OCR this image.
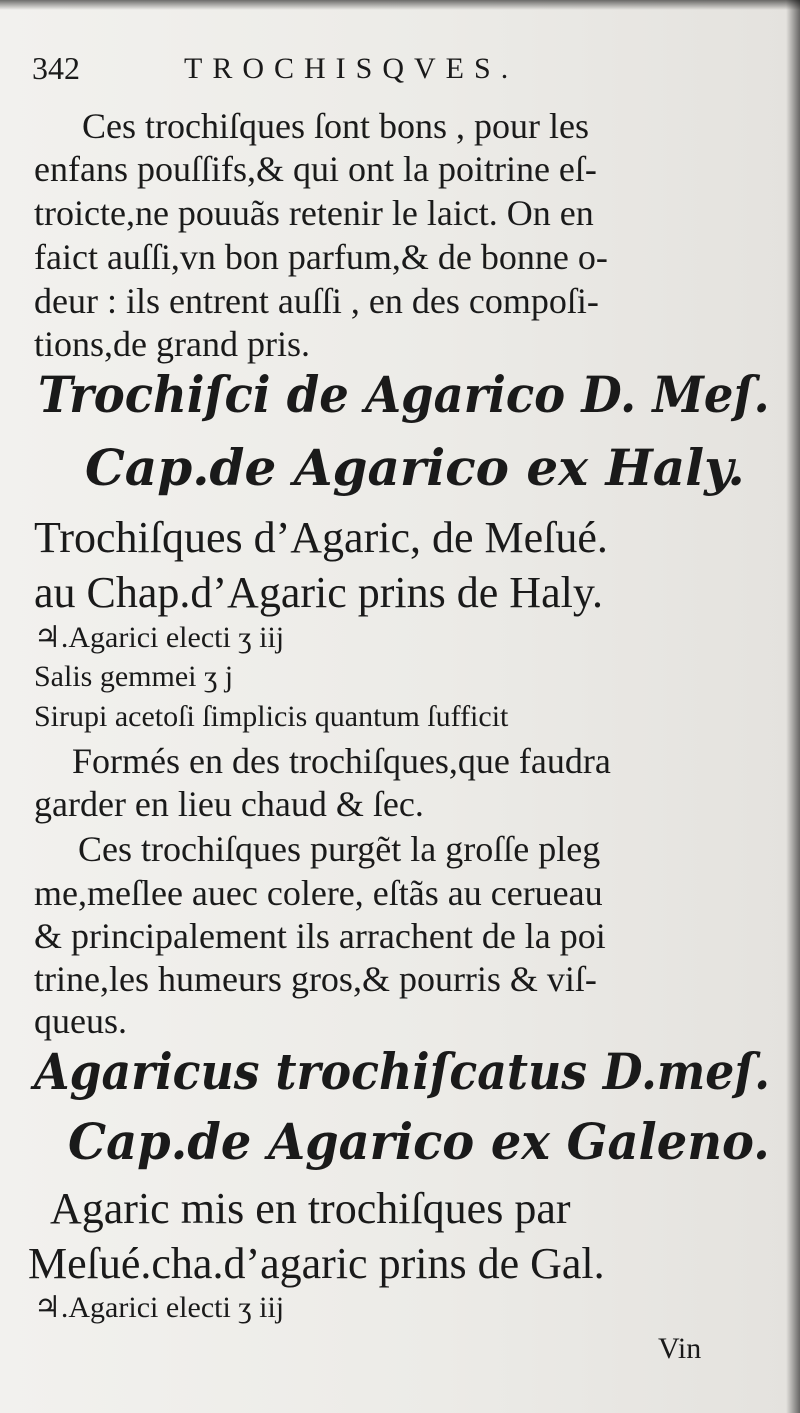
342	TROCHISQVES.
Ces trochiſques ſont bons , pour les
enfans pouſſifs,& qui ont la poitrine eſ-
troicte,ne pouuãs retenir le laict. On en
faict auſſi,vn bon parfum,& de bonne o-
deur : ils entrent auſſi , en des compoſi-
tions,de grand pris.
Trochiſci de Agarico D. Meſ.
Cap.de Agarico ex Haly.
Trochiſques d’Agaric, de Meſué.
au Chap.d’Agaric prins de Haly.
♃.Agarici electi ʒ iij
Salis gemmei ʒ j
Sirupi acetoſi ſimplicis quantum ſufficit
Formés en des trochiſques,que faudra
garder en lieu chaud & ſec.
Ces trochiſques purgẽt la groſſe pleg
me,meſlee auec colere, eſtãs au cerueau
& principalement ils arrachent de la poi
trine,les humeurs gros,& pourris & viſ-
queus.
Agaricus trochiſcatus D.meſ.
Cap.de Agarico ex Galeno.
Agaric mis en trochiſques par
Meſué.cha.d’agaric prins de Gal.
♃.Agarici electi ʒ iij
Vin
